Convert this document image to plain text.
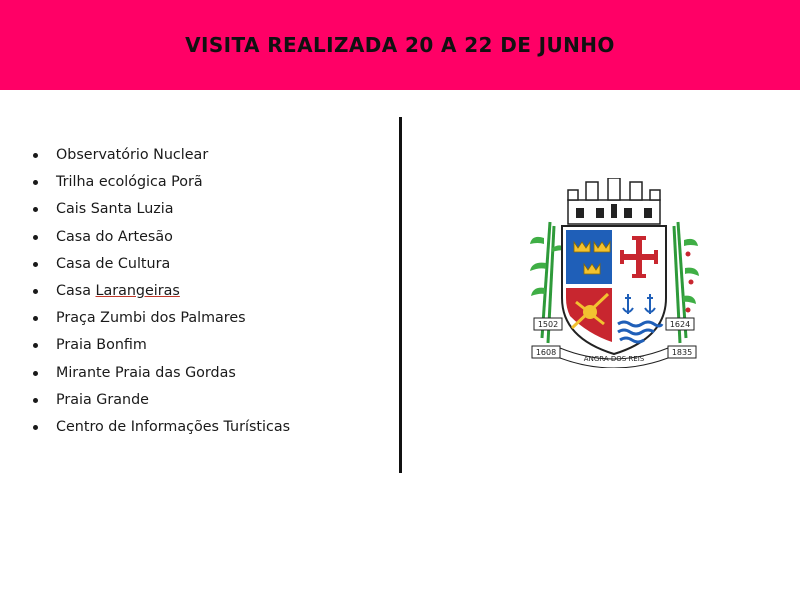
VISITA REALIZADA 20 A 22 DE JUNHO
Observatório Nuclear
Trilha ecológica Porã
Cais Santa Luzia
Casa do Artesão
Casa de Cultura
Casa Larangeiras
Praça Zumbi dos Palmares
Praia Bonfim
Mirante Praia das Gordas
Praia Grande
Centro de Informações Turísticas
1502	1624
1608	1835
ANGRA DOS REIS
